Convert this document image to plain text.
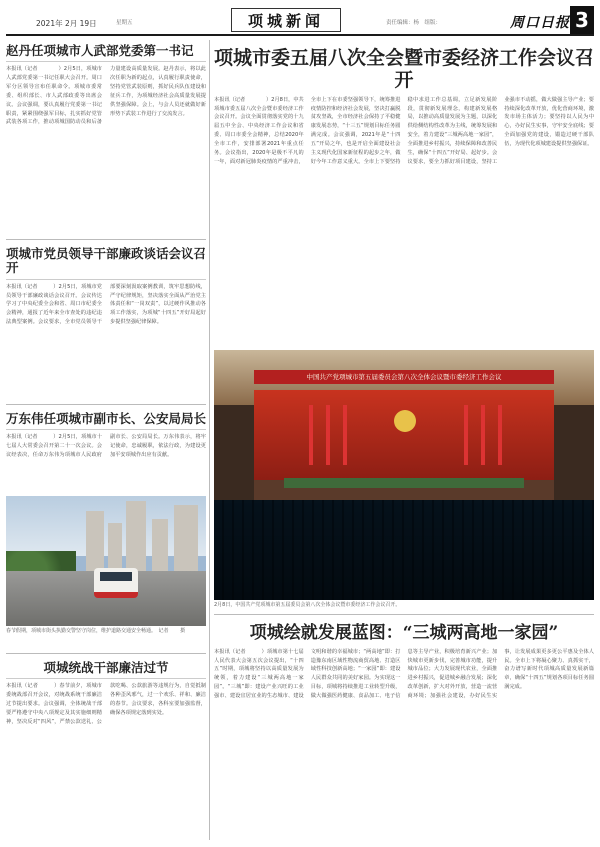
2021年 2月 19日	星期五	项城新闻	责任编辑：杨　组版：	周口日报 3
赵丹任项城市人武部党委第一书记
本报讯（记者　　　　）2月5日，项城市人武部党委第一书记任职大会召开。周口军分区领导宣布任职命令。项城市委常委、组织部长、市人武部政委等出席会议。会议强调，要认真履行党委第一书记职责，紧紧围绕强军目标，扎实抓好党管武装各项工作，推动项城国防动员和后备力量建设高质量发展。赵丹表示，将以此次任职为新的起点，认真履行职责使命，坚持党管武装原则，抓好民兵队伍建设和征兵工作，为项城经济社会高质量发展提供坚强保障。会上，与会人员还就做好新形势下武装工作进行了交流发言。
项城市党员领导干部廉政谈话会议召开
本报讯（记者　　　）2月5日，项城市党员领导干部廉政谈话会议召开。会议传达学习了中央纪委全会和省、周口市纪委全会精神，通报了近年来全市查处的违纪违法典型案例。会议要求，全市党员领导干部要深刻汲取案例教训，筑牢思想防线，严守纪律规矩，坚决落实全面从严治党主体责任和“一岗双责”，以过硬作风推动各项工作落实，为项城“十四五”开好局起好步提供坚强纪律保障。
万东伟任项城市副市长、公安局局长
本报讯（记者　　　）2月5日，项城市十七届人大常委会召开第二十一次会议。会议经表决，任命万东伟为项城市人民政府副市长、公安局局长。万东伟表示，将牢记使命，忠诚履职，依法行政，为建设更加平安项城作出应有贡献。
春节假期，项城市街头执勤交警坚守岗位，维护道路交通安全畅通。　记者 　　摄
项城统战干部廉洁过节
本报讯（记者　　　）春节前夕，项城市委统战部召开会议，对统战系统干部廉洁过节提出要求。会议强调，全体统战干部要严格遵守中央八项规定及其实施细则精神，坚决反对“四风”，严禁公款送礼、公款吃喝、公款旅游等违规行为，自觉抵制各种歪风邪气，过一个欢乐、祥和、廉洁的春节。会议要求，各科室要加强监督，确保各项规定落到实处。
项城市委五届八次全会暨市委经济工作会议召开
本报讯（记者　　　　）2月8日，中共项城市委五届八次全会暨市委经济工作会议召开。会议全面贯彻落实党的十九届五中全会、中央经济工作会议和省委、周口市委全会精神，总结2020年全市工作，安排部署2021年重点任务。会议指出，2020年是极不平凡的一年，面对新冠肺炎疫情的严重冲击，全市上下在市委坚强领导下，统筹推进疫情防控和经济社会发展，坚决打赢脱贫攻坚战，全市经济社会保持了平稳健康发展态势，“十三五”规划目标任务圆满完成。会议强调，2021年是“十四五”开局之年，也是开启全面建设社会主义现代化国家新征程的起步之年，做好今年工作意义重大。全市上下要坚持稳中求进工作总基调，立足新发展阶段，贯彻新发展理念，构建新发展格局，以推动高质量发展为主题，以深化供给侧结构性改革为主线，统筹发展和安全，着力建设“三城两高地一家园”，全面推进乡村振兴，持续保障和改善民生，确保“十四五”开好局、起好步。会议要求，要全力抓好项目建设，坚持工业强市不动摇，做大做强主导产业；要持续深化改革开放，优化营商环境，激发市场主体活力；要坚持以人民为中心，办好民生实事，守牢安全底线；要全面加强党的建设，锻造过硬干部队伍，为现代化项城建设提供坚强保证。
中国共产党项城市第五届委员会第八次全体会议暨市委经济工作会议
2月8日，中国共产党项城市第五届委员会第八次全体会议暨市委经济工作会议召开。
项城绘就发展蓝图：“三城两高地一家园”
本报讯（记者　　　）项城市第十七届人民代表大会第五次会议提出，“十四五”时期，项城将坚持以高质量发展为统领，着力建设“三城两高地一家园”。“三城”即：建设产业兴旺的工业强市、建设宜居宜业的生态城市、建设文明和谐的幸福城市；“两高地”即：打造豫东南区域性物流商贸高地、打造区域性科技创新高地；“一家园”即：建设人民群众共同的美好家园。为实现这一目标，项城将持续推进工业转型升级，做大做强医药健康、食品加工、电子信息等主导产业，积极培育新兴产业；加快城市更新步伐，完善城市功能，提升城市品位；大力发展现代农业，全面推进乡村振兴，促进城乡融合发展；深化改革创新，扩大对外开放，营造一流营商环境；加强社会建设，办好民生实事，让发展成果更多更公平惠及全体人民。全市上下将凝心聚力、真抓实干，奋力谱写新时代项城高质量发展新篇章，确保“十四五”规划各项目标任务圆满完成。
